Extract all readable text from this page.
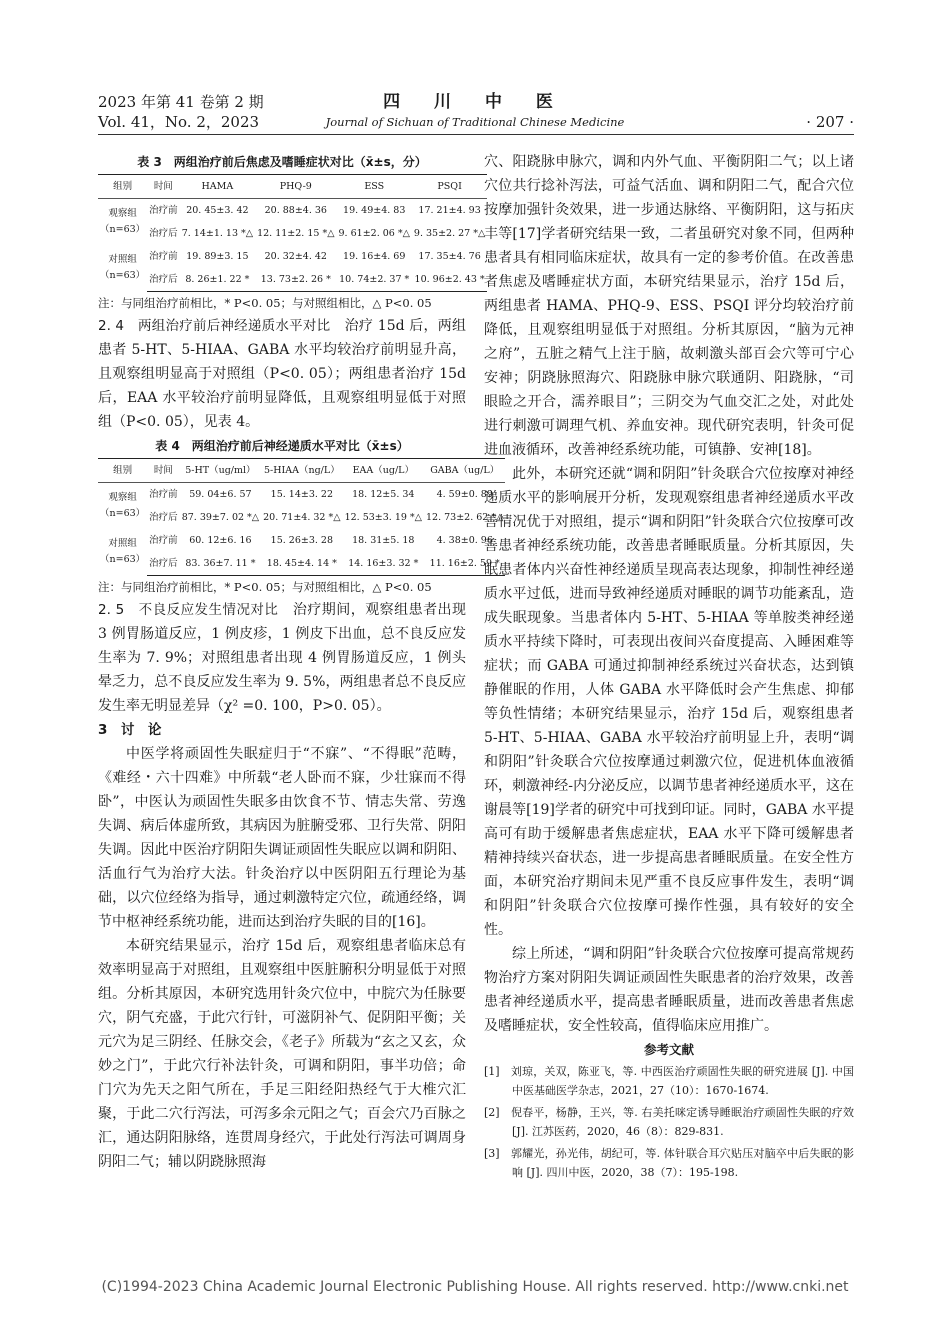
2023 年第 41 卷第 2 期
Vol. 41，No. 2，2023
四 川 中 医
Journal of Sichuan of Traditional Chinese Medicine	· 207 ·
表 3　两组治疗前后焦虑及嗜睡症状对比（x̄±s，分）
组别	时间	HAMA	PHQ-9	ESS	PSQI
观察组
（n=63）	治疗前	20. 45±3. 42	20. 88±4. 36	19. 49±4. 83	17. 21±4. 93
	治疗后	7. 14±1. 13 *△	12. 11±2. 15 *△	9. 61±2. 06 *△	9. 35±2. 27 *△
对照组
（n=63）	治疗前	19. 89±3. 15	20. 32±4. 42	19. 16±4. 69	17. 35±4. 76
	治疗后	8. 26±1. 22 *	13. 73±2. 26 *	10. 74±2. 37 *	10. 96±2. 43 *

注：与同组治疗前相比，* P<0. 05；与对照组相比，△ P<0. 05

2. 4　两组治疗前后神经递质水平对比　 治疗 15d 后，两组患者 5-HT、5-HIAA、GABA 水平均较治疗前明显升高，且观察组明显高于对照组（P<0. 05）；两组患者治疗 15d 后，EAA 水平较治疗前明显降低，且观察组明显低于对照组（P<0. 05），见表 4。

表 4　两组治疗前后神经递质水平对比（x̄±s）
组别	时间	5-HT（ug/ml）	5-HIAA（ng/L）	EAA（ug/L）	GABA（ug/L）
观察组
（n=63）	治疗前	59. 04±6. 57	15. 14±3. 22	18. 12±5. 34	4. 59±0. 89
	治疗后	87. 39±7. 02 *△	20. 71±4. 32 *△	12. 53±3. 19 *△	12. 73±2. 62 *△
对照组
（n=63）	治疗前	60. 12±6. 16	15. 26±3. 28	18. 31±5. 18	4. 38±0. 96
	治疗后	83. 36±7. 11 *	18. 45±4. 14 *	14. 16±3. 32 *	11. 16±2. 59 *

注：与同组治疗前相比，* P<0. 05；与对照组相比，△ P<0. 05

2. 5　不良反应发生情况对比　 治疗期间，观察组患者出现 3 例胃肠道反应，1 例皮疹，1 例皮下出血，总不良反应发生率为 7. 9%；对照组患者出现 4 例胃肠道反应，1 例头晕乏力，总不良反应发生率为 9. 5%，两组患者总不良反应发生率无明显差异（χ² =0. 100，P>0. 05）。

3　讨　论

中医学将顽固性失眠症归于“不寐”、“不得眠”范畴，《难经・六十四难》中所载“老人卧而不寐，少壮寐而不得卧”，中医认为顽固性失眠多由饮食不节、情志失常、劳逸失调、病后体虚所致，其病因为脏腑受邪、卫行失常、阴阳失调。因此中医治疗阴阳失调证顽固性失眠应以调和阴阳、活血行气为治疗大法。针灸治疗以中医阴阳五行理论为基础，以穴位经络为指导，通过刺激特定穴位，疏通经络，调节中枢神经系统功能，进而达到治疗失眠的目的[16]。

本研究结果显示，治疗 15d 后，观察组患者临床总有效率明显高于对照组，且观察组中医脏腑积分明显低于对照组。分析其原因，本研究选用针灸穴位中，中脘穴为任脉要穴，阴气充盛，于此穴行针，可滋阴补气、促阴阳平衡；关元穴为足三阴经、任脉交会，《老子》所载为“玄之又玄，众妙之门”，于此穴行补法针灸，可调和阴阳，事半功倍；命门穴为先天之阳气所在，手足三阳经阳热经气于大椎穴汇聚，于此二穴行泻法，可泻多余元阳之气；百会穴乃百脉之汇，通达阴阳脉络，连贯周身经穴，于此处行泻法可调周身阴阳二气；辅以阴跷脉照海

穴、阳跷脉申脉穴，调和内外气血、平衡阴阳二气；以上诸穴位共行捻补泻法，可益气活血、调和阴阳二气，配合穴位按摩加强针灸效果，进一步通达脉络、平衡阴阳，这与拓庆丰等[17]学者研究结果一致，二者虽研究对象不同，但两种患者具有相同临床症状，故具有一定的参考价值。在改善患者焦虑及嗜睡症状方面，本研究结果显示，治疗 15d 后，两组患者 HAMA、PHQ-9、ESS、PSQI 评分均较治疗前降低，且观察组明显低于对照组。分析其原因，“脑为元神之府”，五脏之精气上注于脑，故刺激头部百会穴等可宁心安神；阴跷脉照海穴、阳跷脉申脉穴联通阴、阳跷脉，“司眼睑之开合，濡养眼目”；三阴交为气血交汇之处，对此处进行刺激可调理气机、养血安神。现代研究表明，针灸可促进血液循环，改善神经系统功能，可镇静、安神[18]。

此外，本研究还就“调和阴阳”针灸联合穴位按摩对神经递质水平的影响展开分析，发现观察组患者神经递质水平改善情况优于对照组，提示“调和阴阳”针灸联合穴位按摩可改善患者神经系统功能，改善患者睡眠质量。分析其原因，失眠患者体内兴奋性神经递质呈现高表达现象，抑制性神经递质水平过低，进而导致神经递质对睡眠的调节功能紊乱，造成失眠现象。当患者体内 5-HT、5-HIAA 等单胺类神经递质水平持续下降时，可表现出夜间兴奋度提高、入睡困难等症状；而 GABA 可通过抑制神经系统过兴奋状态，达到镇静催眠的作用，人体 GABA 水平降低时会产生焦虑、抑郁等负性情绪；本研究结果显示，治疗 15d 后，观察组患者 5-HT、5-HIAA、GABA 水平较治疗前明显上升，表明“调和阴阳”针灸联合穴位按摩通过刺激穴位，促进机体血液循环，刺激神经-内分泌反应，以调节患者神经递质水平，这在谢晨等[19]学者的研究中可找到印证。同时，GABA 水平提高可有助于缓解患者焦虑症状，EAA 水平下降可缓解患者精神持续兴奋状态，进一步提高患者睡眠质量。在安全性方面，本研究治疗期间未见严重不良反应事件发生，表明“调和阴阳”针灸联合穴位按摩可操作性强，具有较好的安全性。

综上所述，“调和阴阳”针灸联合穴位按摩可提高常规药物治疗方案对阴阳失调证顽固性失眠患者的治疗效果，改善患者神经递质水平，提高患者睡眠质量，进而改善患者焦虑及嗜睡症状，安全性较高，值得临床应用推广。

参考文献

[1]　刘琼，关双，陈亚飞，等. 中西医治疗顽固性失眠的研究进展 [J]. 中国中医基础医学杂志，2021，27（10）：1670-1674.

[2]　倪春平，杨静，王兴，等. 右美托咪定诱导睡眠治疗顽固性失眠的疗效 [J]. 江苏医药，2020，46（8）：829-831.

[3]　郭耀光，孙光伟，胡纪可，等. 体针联合耳穴贴压对脑卒中后失眠的影响 [J]. 四川中医，2020，38（7）：195-198.

(C)1994-2023 China Academic Journal Electronic Publishing House. All rights reserved. http://www.cnki.net
